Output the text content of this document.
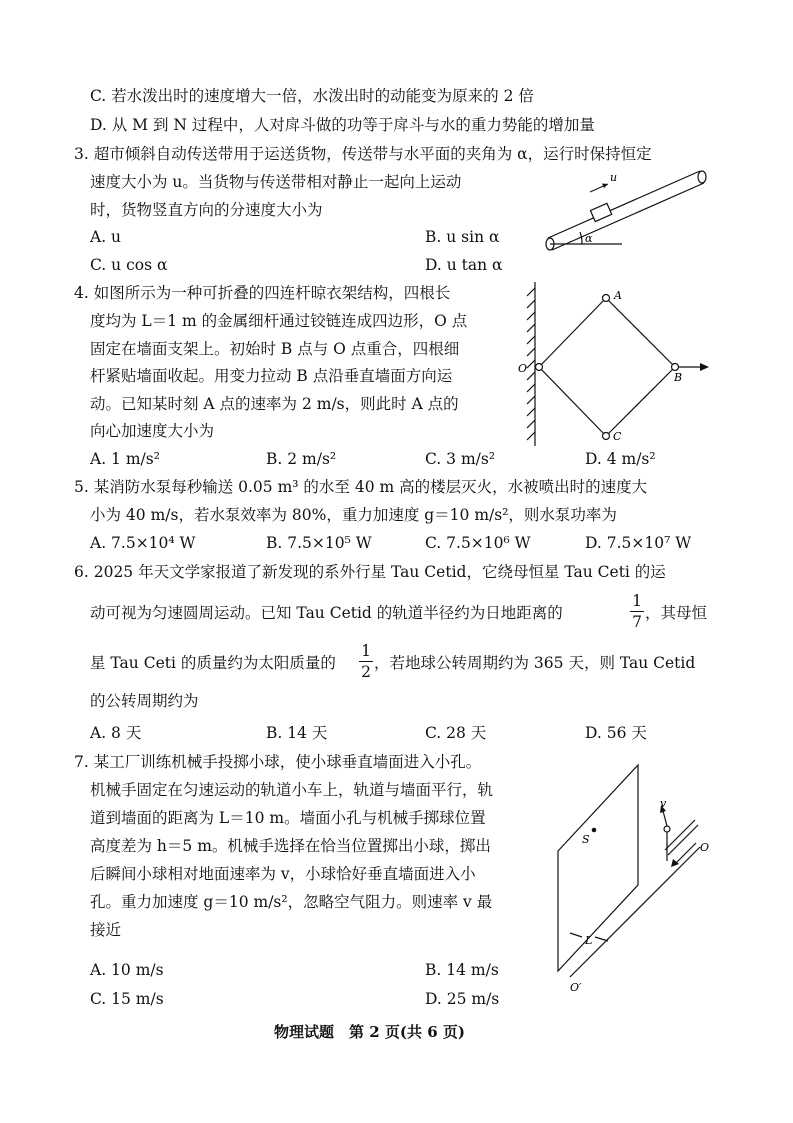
C. 若水泼出时的速度增大一倍，水泼出时的动能变为原来的 2 倍
D. 从 M 到 N 过程中，人对戽斗做的功等于戽斗与水的重力势能的增加量
3. 超市倾斜自动传送带用于运送货物，传送带与水平面的夹角为 α，运行时保持恒定
速度大小为 u。当货物与传送带相对静止一起向上运动
时，货物竖直方向的分速度大小为
A. u	B. u sin α
C. u cos α	D. u tan α
u
α
4. 如图所示为一种可折叠的四连杆晾衣架结构，四根长
度均为 L＝1 m 的金属细杆通过铰链连成四边形，O 点
固定在墙面支架上。初始时 B 点与 O 点重合，四根细
杆紧贴墙面收起。用变力拉动 B 点沿垂直墙面方向运
动。已知某时刻 A 点的速率为 2 m/s，则此时 A 点的
向心加速度大小为
A. 1 m/s²	B. 2 m/s²	C. 3 m/s²	D. 4 m/s²
A
B
C
O
5. 某消防水泵每秒输送 0.05 m³ 的水至 40 m 高的楼层灭火，水被喷出时的速度大
小为 40 m/s，若水泵效率为 80%，重力加速度 g＝10 m/s²，则水泵功率为
A. 7.5×10⁴ W	B. 7.5×10⁵ W	C. 7.5×10⁶ W	D. 7.5×10⁷ W
6. 2025 年天文学家报道了新发现的系外行星 Tau Cetid，它绕母恒星 Tau Ceti 的运
动可视为匀速圆周运动。已知 Tau Cetid 的轨道半径约为日地距离的
1
7 ，其母恒
星 Tau Ceti 的质量约为太阳质量的
1
2 ，若地球公转周期约为 365 天，则 Tau Cetid
的公转周期约为
A. 8 天	B. 14 天	C. 28 天	D. 56 天
7. 某工厂训练机械手投掷小球，使小球垂直墙面进入小孔。
机械手固定在匀速运动的轨道小车上，轨道与墙面平行，轨
道到墙面的距离为 L＝10 m。墙面小孔与机械手掷球位置
高度差为 h＝5 m。机械手选择在恰当位置掷出小球，掷出
后瞬间小球相对地面速率为 v，小球恰好垂直墙面进入小
孔。重力加速度 g＝10 m/s²，忽略空气阻力。则速率 v 最
接近
A. 10 m/s	B. 14 m/s
C. 15 m/s	D. 25 m/s
S
v
O
L
O′
物理试题　第 2 页(共 6 页)
